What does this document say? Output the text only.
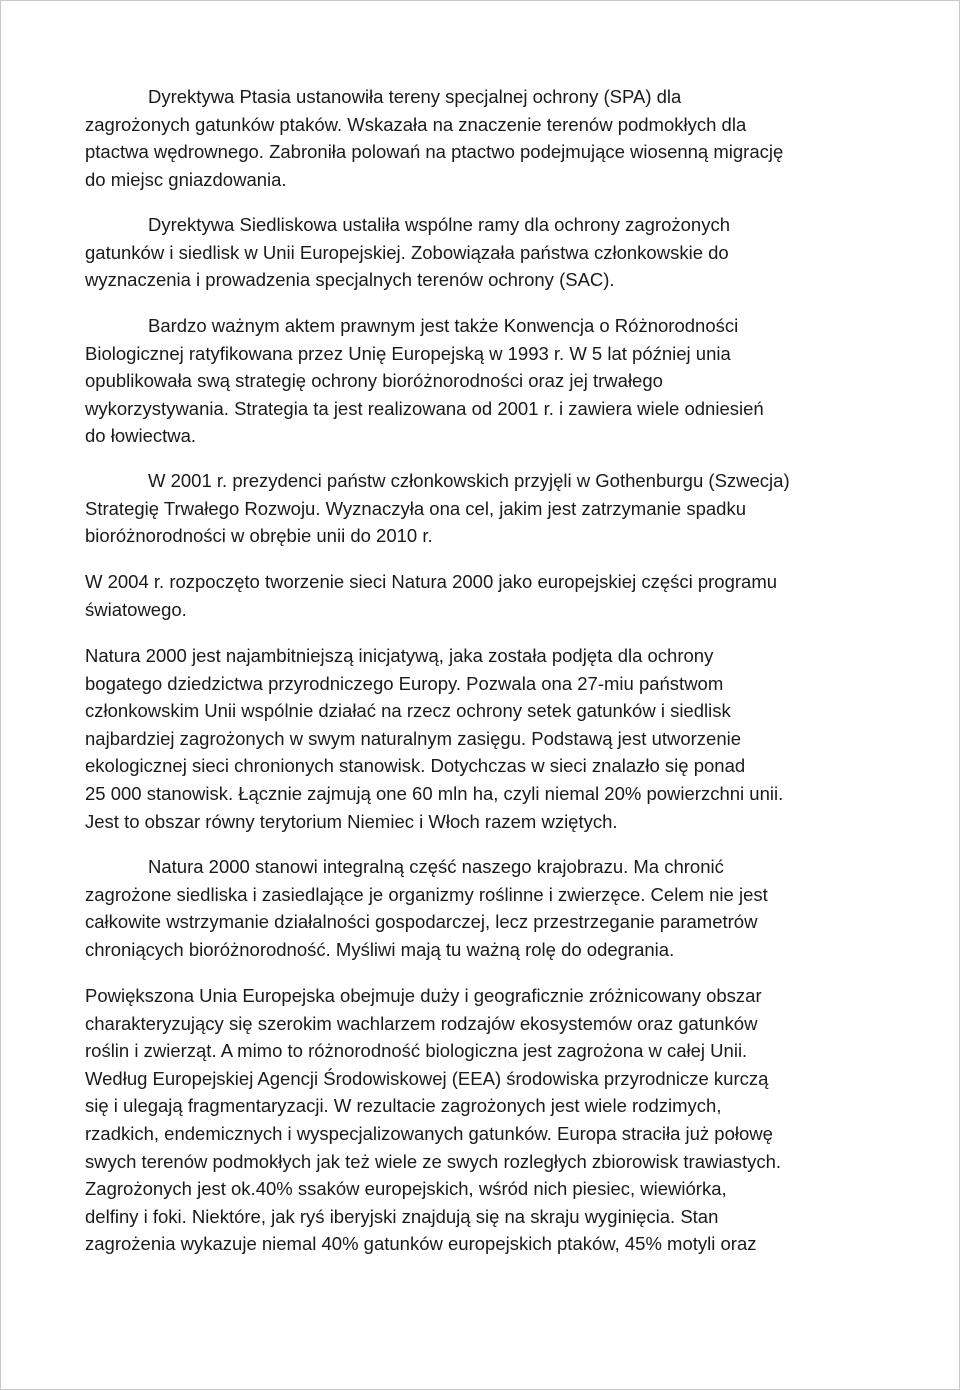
Dyrektywa Ptasia ustanowiła tereny specjalnej ochrony (SPA) dla
zagrożonych gatunków ptaków. Wskazała na znaczenie terenów podmokłych dla
ptactwa wędrownego. Zabroniła polowań na ptactwo podejmujące wiosenną migrację
do miejsc gniazdowania.

Dyrektywa Siedliskowa ustaliła wspólne ramy dla ochrony zagrożonych
gatunków i siedlisk w Unii Europejskiej. Zobowiązała państwa członkowskie do
wyznaczenia i prowadzenia specjalnych terenów ochrony (SAC).

Bardzo ważnym aktem prawnym jest także Konwencja o Różnorodności
Biologicznej ratyfikowana przez Unię Europejską w 1993 r. W 5 lat później unia
opublikowała swą strategię ochrony bioróżnorodności oraz jej trwałego
wykorzystywania. Strategia ta jest realizowana od 2001 r. i zawiera wiele odniesień
do łowiectwa.

W 2001 r. prezydenci państw członkowskich przyjęli w Gothenburgu (Szwecja)
Strategię Trwałego Rozwoju. Wyznaczyła ona cel, jakim jest zatrzymanie spadku
bioróżnorodności w obrębie unii do 2010 r.

W 2004 r. rozpoczęto tworzenie sieci Natura 2000 jako europejskiej części programu
światowego.

Natura 2000 jest najambitniejszą inicjatywą, jaka została podjęta dla ochrony
bogatego dziedzictwa przyrodniczego Europy. Pozwala ona 27-miu państwom
członkowskim Unii wspólnie działać na rzecz ochrony setek gatunków i siedlisk
najbardziej zagrożonych w swym naturalnym zasięgu. Podstawą jest utworzenie
ekologicznej sieci chronionych stanowisk. Dotychczas w sieci znalazło się ponad
25 000 stanowisk. Łącznie zajmują one 60 mln ha, czyli niemal 20% powierzchni unii.
Jest to obszar równy terytorium Niemiec i Włoch razem wziętych.

Natura 2000 stanowi integralną część naszego krajobrazu. Ma chronić
zagrożone siedliska i zasiedlające je organizmy roślinne i zwierzęce. Celem nie jest
całkowite wstrzymanie działalności gospodarczej, lecz przestrzeganie parametrów
chroniących bioróżnorodność. Myśliwi mają tu ważną rolę do odegrania.

Powiększona Unia Europejska obejmuje duży i geograficznie zróżnicowany obszar
charakteryzujący się szerokim wachlarzem rodzajów ekosystemów oraz gatunków
roślin i zwierząt. A mimo to różnorodność biologiczna jest zagrożona w całej Unii.
Według Europejskiej Agencji Środowiskowej (EEA) środowiska przyrodnicze kurczą
się i ulegają fragmentaryzacji. W rezultacie zagrożonych jest wiele rodzimych,
rzadkich, endemicznych i wyspecjalizowanych gatunków. Europa straciła już połowę
swych terenów podmokłych jak też wiele ze swych rozległych zbiorowisk trawiastych.
Zagrożonych jest ok.40% ssaków europejskich, wśród nich piesiec, wiewiórka,
delfiny i foki. Niektóre, jak ryś iberyjski znajdują się na skraju wyginięcia. Stan
zagrożenia wykazuje niemal 40% gatunków europejskich ptaków, 45% motyli oraz
